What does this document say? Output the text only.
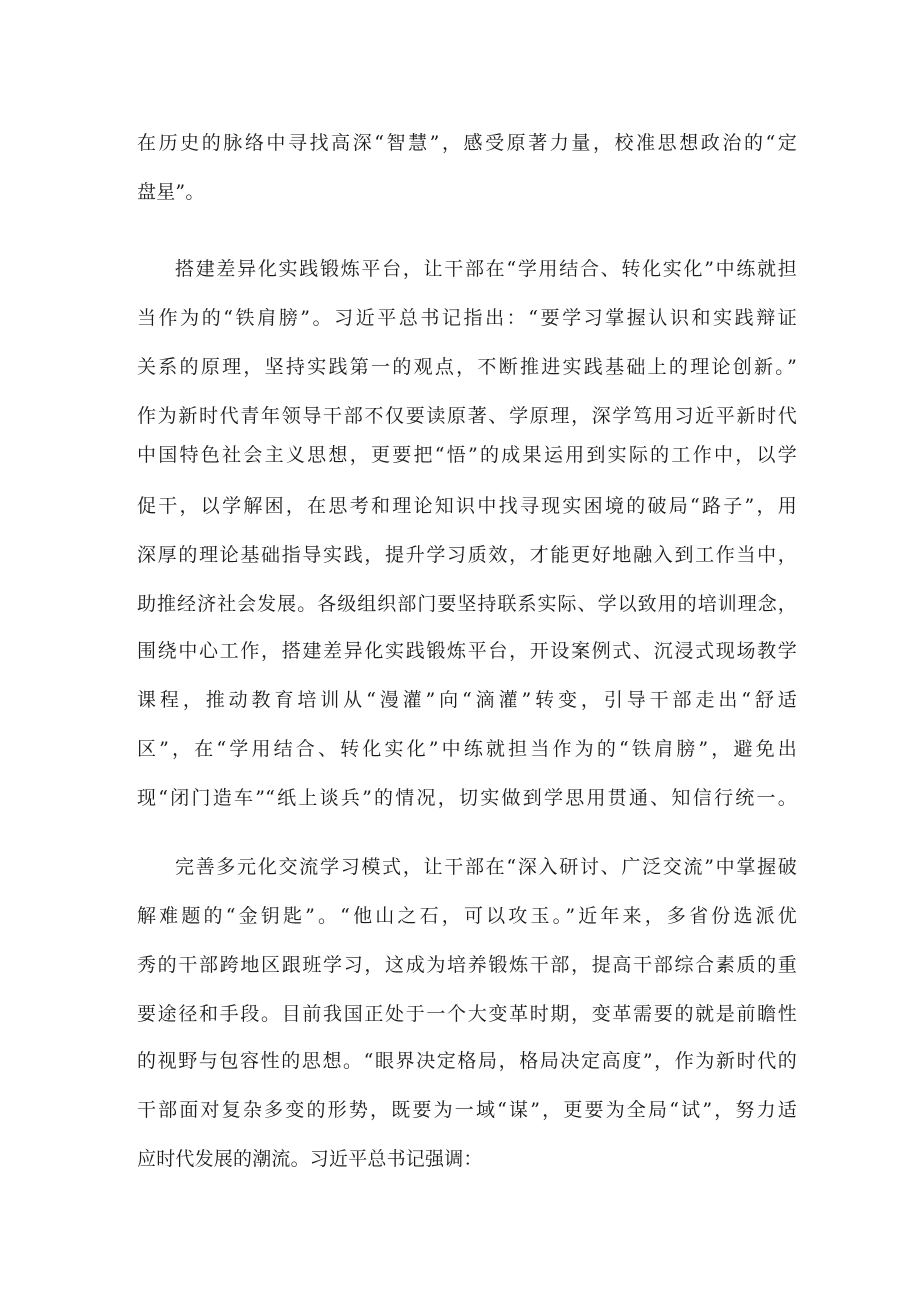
在历史的脉络中寻找高深“智慧”，感受原著力量，校准思想政治的“定
盘星”。
搭建差异化实践锻炼平台，让干部在“学用结合、转化实化”中练就担
当作为的“铁肩膀”。习近平总书记指出：“要学习掌握认识和实践辩证
关系的原理，坚持实践第一的观点，不断推进实践基础上的理论创新。”
作为新时代青年领导干部不仅要读原著、学原理，深学笃用习近平新时代
中国特色社会主义思想，更要把“悟”的成果运用到实际的工作中，以学
促干，以学解困，在思考和理论知识中找寻现实困境的破局“路子”，用
深厚的理论基础指导实践，提升学习质效，才能更好地融入到工作当中，
助推经济社会发展。各级组织部门要坚持联系实际、学以致用的培训理念，
围绕中心工作，搭建差异化实践锻炼平台，开设案例式、沉浸式现场教学
课程，推动教育培训从“漫灌”向“滴灌”转变，引导干部走出“舒适
区”，在“学用结合、转化实化”中练就担当作为的“铁肩膀”，避免出
现“闭门造车”“纸上谈兵”的情况，切实做到学思用贯通、知信行统一。
完善多元化交流学习模式，让干部在“深入研讨、广泛交流”中掌握破
解难题的“金钥匙”。“他山之石，可以攻玉。”近年来，多省份选派优
秀的干部跨地区跟班学习，这成为培养锻炼干部，提高干部综合素质的重
要途径和手段。目前我国正处于一个大变革时期，变革需要的就是前瞻性
的视野与包容性的思想。“眼界决定格局，格局决定高度”，作为新时代的
干部面对复杂多变的形势，既要为一域“谋”，更要为全局“试”，努力适
应时代发展的潮流。习近平总书记强调：
